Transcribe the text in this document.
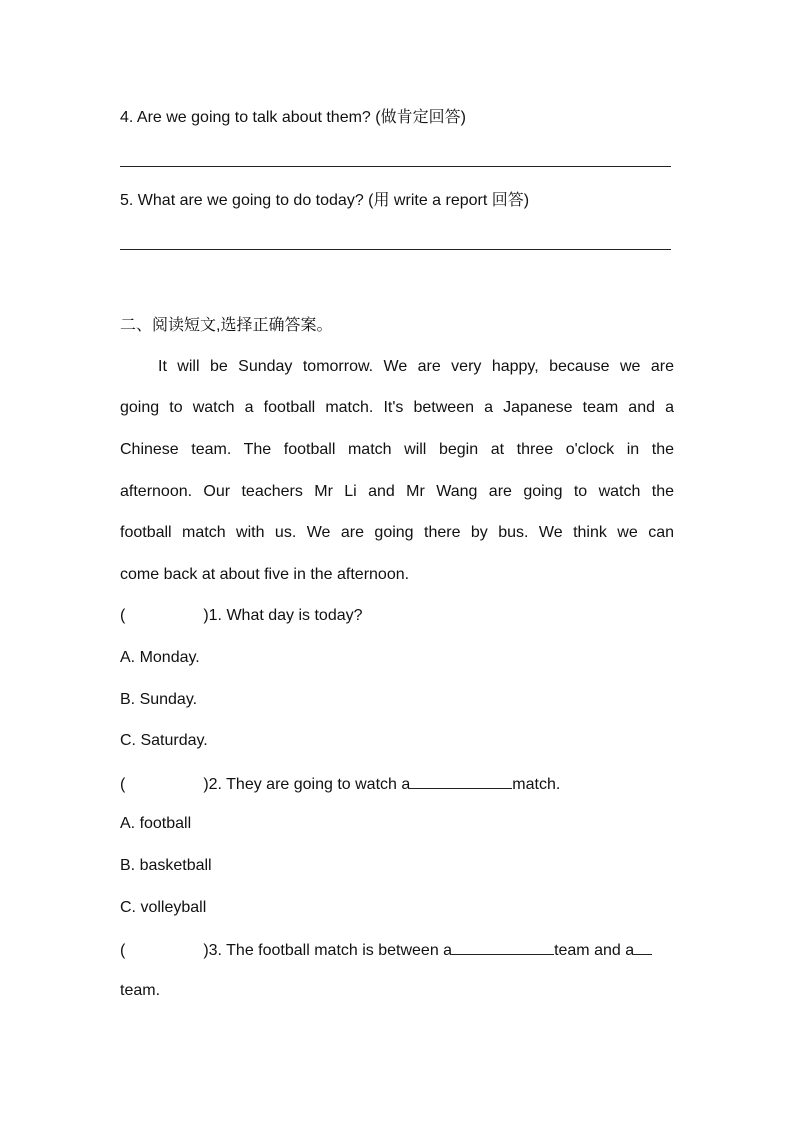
4. Are we going to talk about them? (做肯定回答)
5. What are we going to do today? (用 write a report 回答)
二、阅读短文,选择正确答案。
It will be Sunday tomorrow. We are very happy, because we are
going to watch a football match. It's between a Japanese team and a
Chinese team. The football match will begin at three o'clock in the
afternoon. Our teachers Mr Li and Mr Wang are going to watch the
football match with us. We are going there by bus. We think we can
come back at about five in the afternoon.
(	)1. What day is today?
A. Monday.
B. Sunday.
C. Saturday.
(	)2. They are going to watch a	match.
A. football
B. basketball
C. volleyball
(	)3. The football match is between a	team and a
team.
